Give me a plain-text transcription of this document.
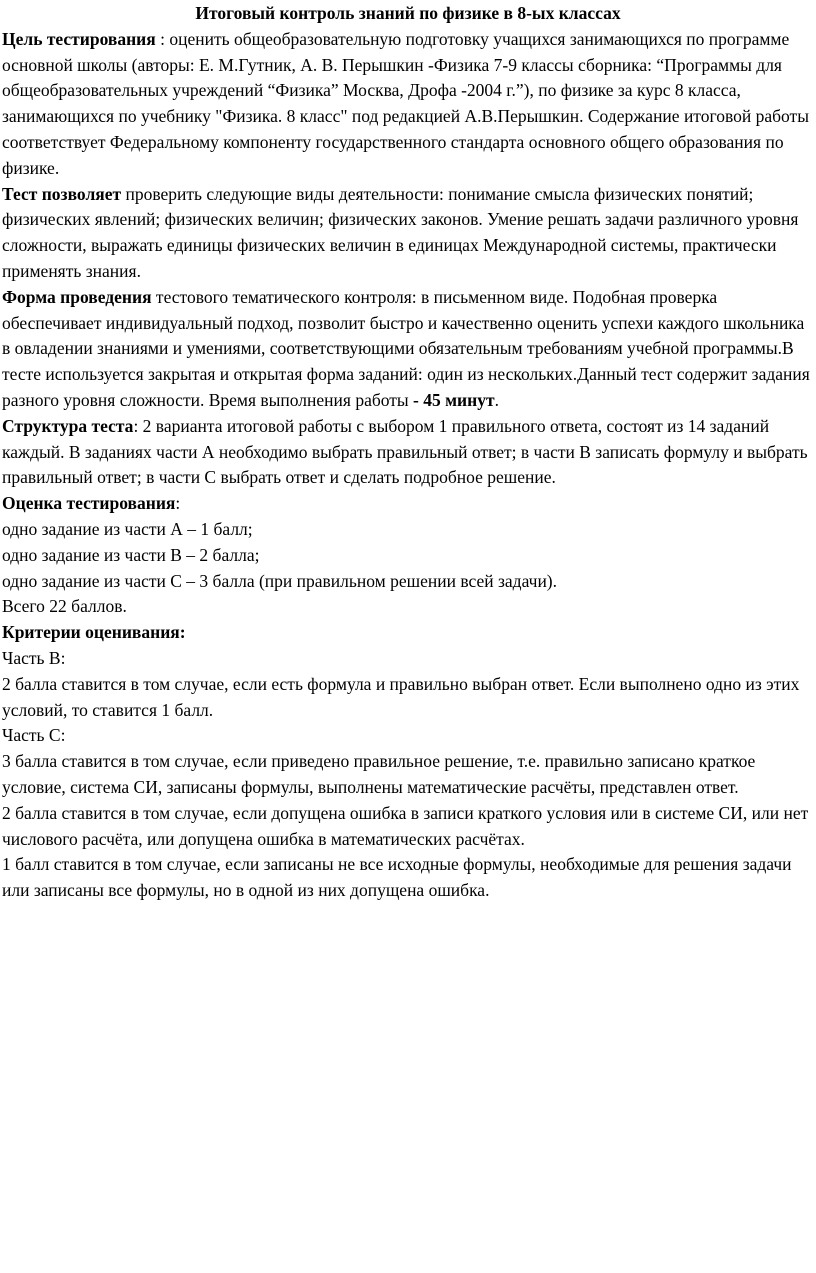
Итоговый контроль знаний по физике в 8-ых классах

Цель тестирования : оценить общеобразовательную подготовку учащихся занимающихся по программе основной школы (авторы: Е. М.Гутник, А. В. Перышкин -Физика 7-9 классы сборника: “Программы для общеобразовательных учреждений “Физика” Москва, Дрофа -2004 г.”), по физике за курс 8 класса, занимающихся по учебнику "Физика. 8 класс" под редакцией А.В.Перышкин. Содержание итоговой работы соответствует Федеральному компоненту государственного стандарта основного общего образования по физике.

Тест позволяет проверить следующие виды деятельности: понимание смысла физических понятий; физических явлений; физических величин; физических законов. Умение решать задачи различного уровня сложности, выражать единицы физических величин в единицах Международной системы, практически применять знания.

Форма проведения тестового тематического контроля: в письменном виде. Подобная проверка обеспечивает индивидуальный подход, позволит быстро и качественно оценить успехи каждого школьника в овладении знаниями и умениями, соответствующими обязательным требованиям учебной программы.В тесте используется закрытая и открытая форма заданий: один из нескольких.Данный тест содержит задания разного уровня сложности. Время выполнения работы - 45 минут.

Структура теста: 2 варианта итоговой работы с выбором 1 правильного ответа, состоят из 14 заданий каждый. В заданиях части А необходимо выбрать правильный ответ; в части В записать формулу и выбрать правильный ответ; в части С выбрать ответ и сделать подробное решение.

Оценка тестирования:

одно задание из части А – 1 балл;

одно задание из части В – 2 балла;

одно задание из части С – 3 балла (при правильном решении всей задачи).

Всего 22 баллов.

Критерии оценивания:

Часть В:

2 балла ставится в том случае, если есть формула и правильно выбран ответ. Если выполнено одно из этих условий, то ставится 1 балл.

Часть С:

3 балла ставится в том случае, если приведено правильное решение, т.е. правильно записано краткое условие, система СИ, записаны формулы, выполнены математические расчёты, представлен ответ.

2 балла ставится в том случае, если допущена ошибка в записи краткого условия или в системе СИ, или нет числового расчёта, или допущена ошибка в математических расчётах.

1 балл ставится в том случае, если записаны не все исходные формулы, необходимые для решения задачи или записаны все формулы, но в одной из них допущена ошибка.
